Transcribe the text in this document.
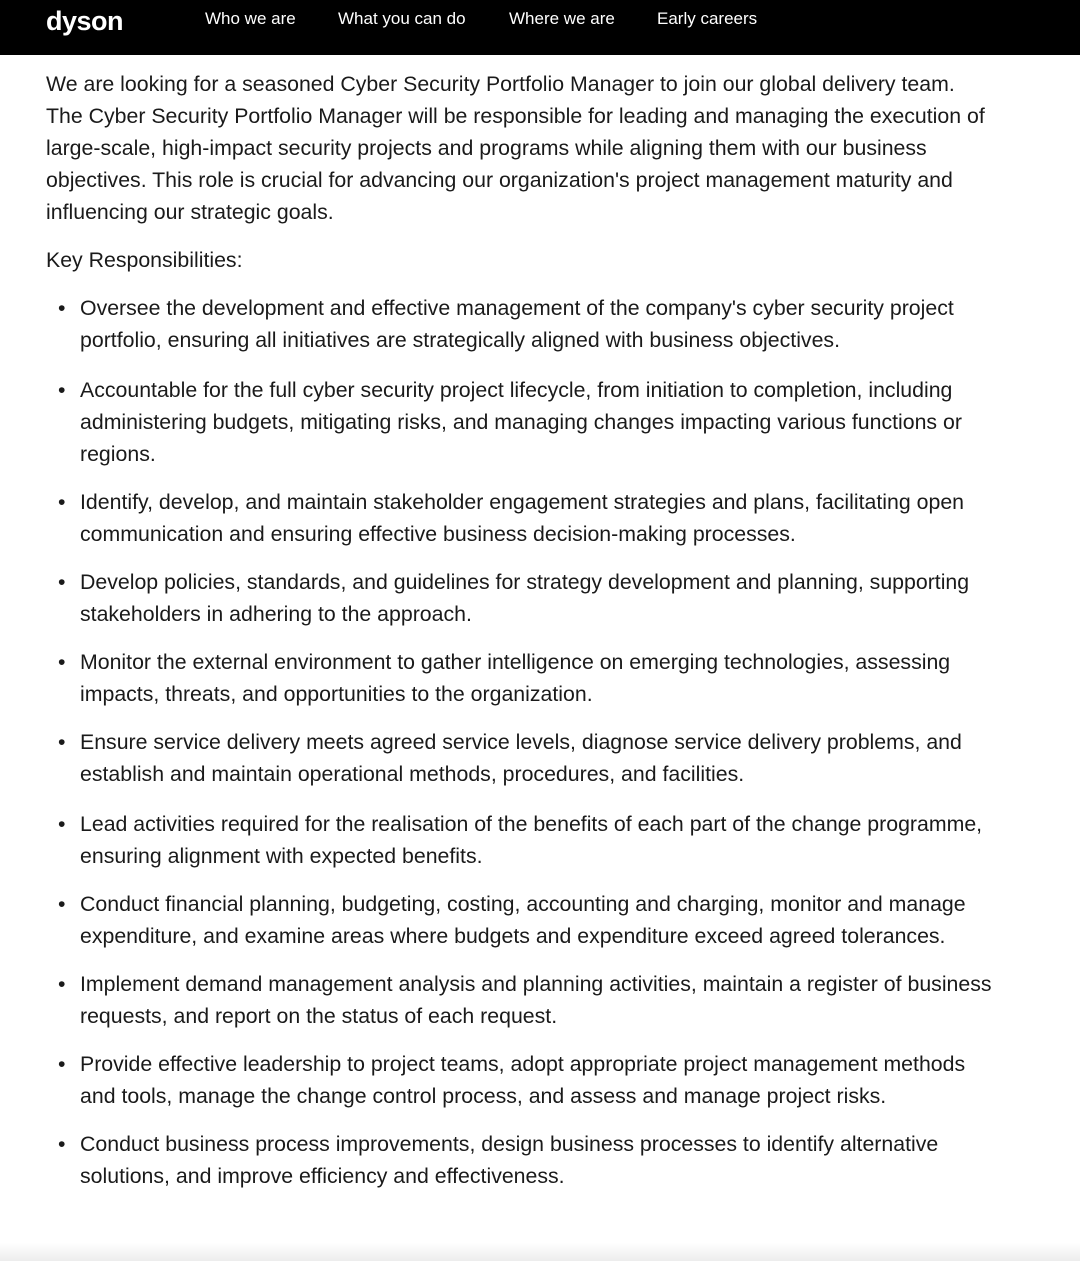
dyson	Who we are What you can do	Where we are Early careers

We are looking for a seasoned Cyber Security Portfolio Manager to join our global delivery team. The Cyber Security Portfolio Manager will be responsible for leading and managing the execution of large-scale, high-impact security projects and programs while aligning them with our business objectives. This role is crucial for advancing our organization's project management maturity and influencing our strategic goals.

Key Responsibilities:

• Oversee the development and effective management of the company's cyber security project portfolio, ensuring all initiatives are strategically aligned with business objectives.
• Accountable for the full cyber security project lifecycle, from initiation to completion, including administering budgets, mitigating risks, and managing changes impacting various functions or regions.
• Identify, develop, and maintain stakeholder engagement strategies and plans, facilitating open communication and ensuring effective business decision-making processes.
• Develop policies, standards, and guidelines for strategy development and planning, supporting stakeholders in adhering to the approach.
• Monitor the external environment to gather intelligence on emerging technologies, assessing impacts, threats, and opportunities to the organization.
• Ensure service delivery meets agreed service levels, diagnose service delivery problems, and establish and maintain operational methods, procedures, and facilities.
• Lead activities required for the realisation of the benefits of each part of the change programme, ensuring alignment with expected benefits.
• Conduct financial planning, budgeting, costing, accounting and charging, monitor and manage expenditure, and examine areas where budgets and expenditure exceed agreed tolerances.
• Implement demand management analysis and planning activities, maintain a register of business requests, and report on the status of each request.
• Provide effective leadership to project teams, adopt appropriate project management methods and tools, manage the change control process, and assess and manage project risks.
• Conduct business process improvements, design business processes to identify alternative solutions, and improve efficiency and effectiveness.
